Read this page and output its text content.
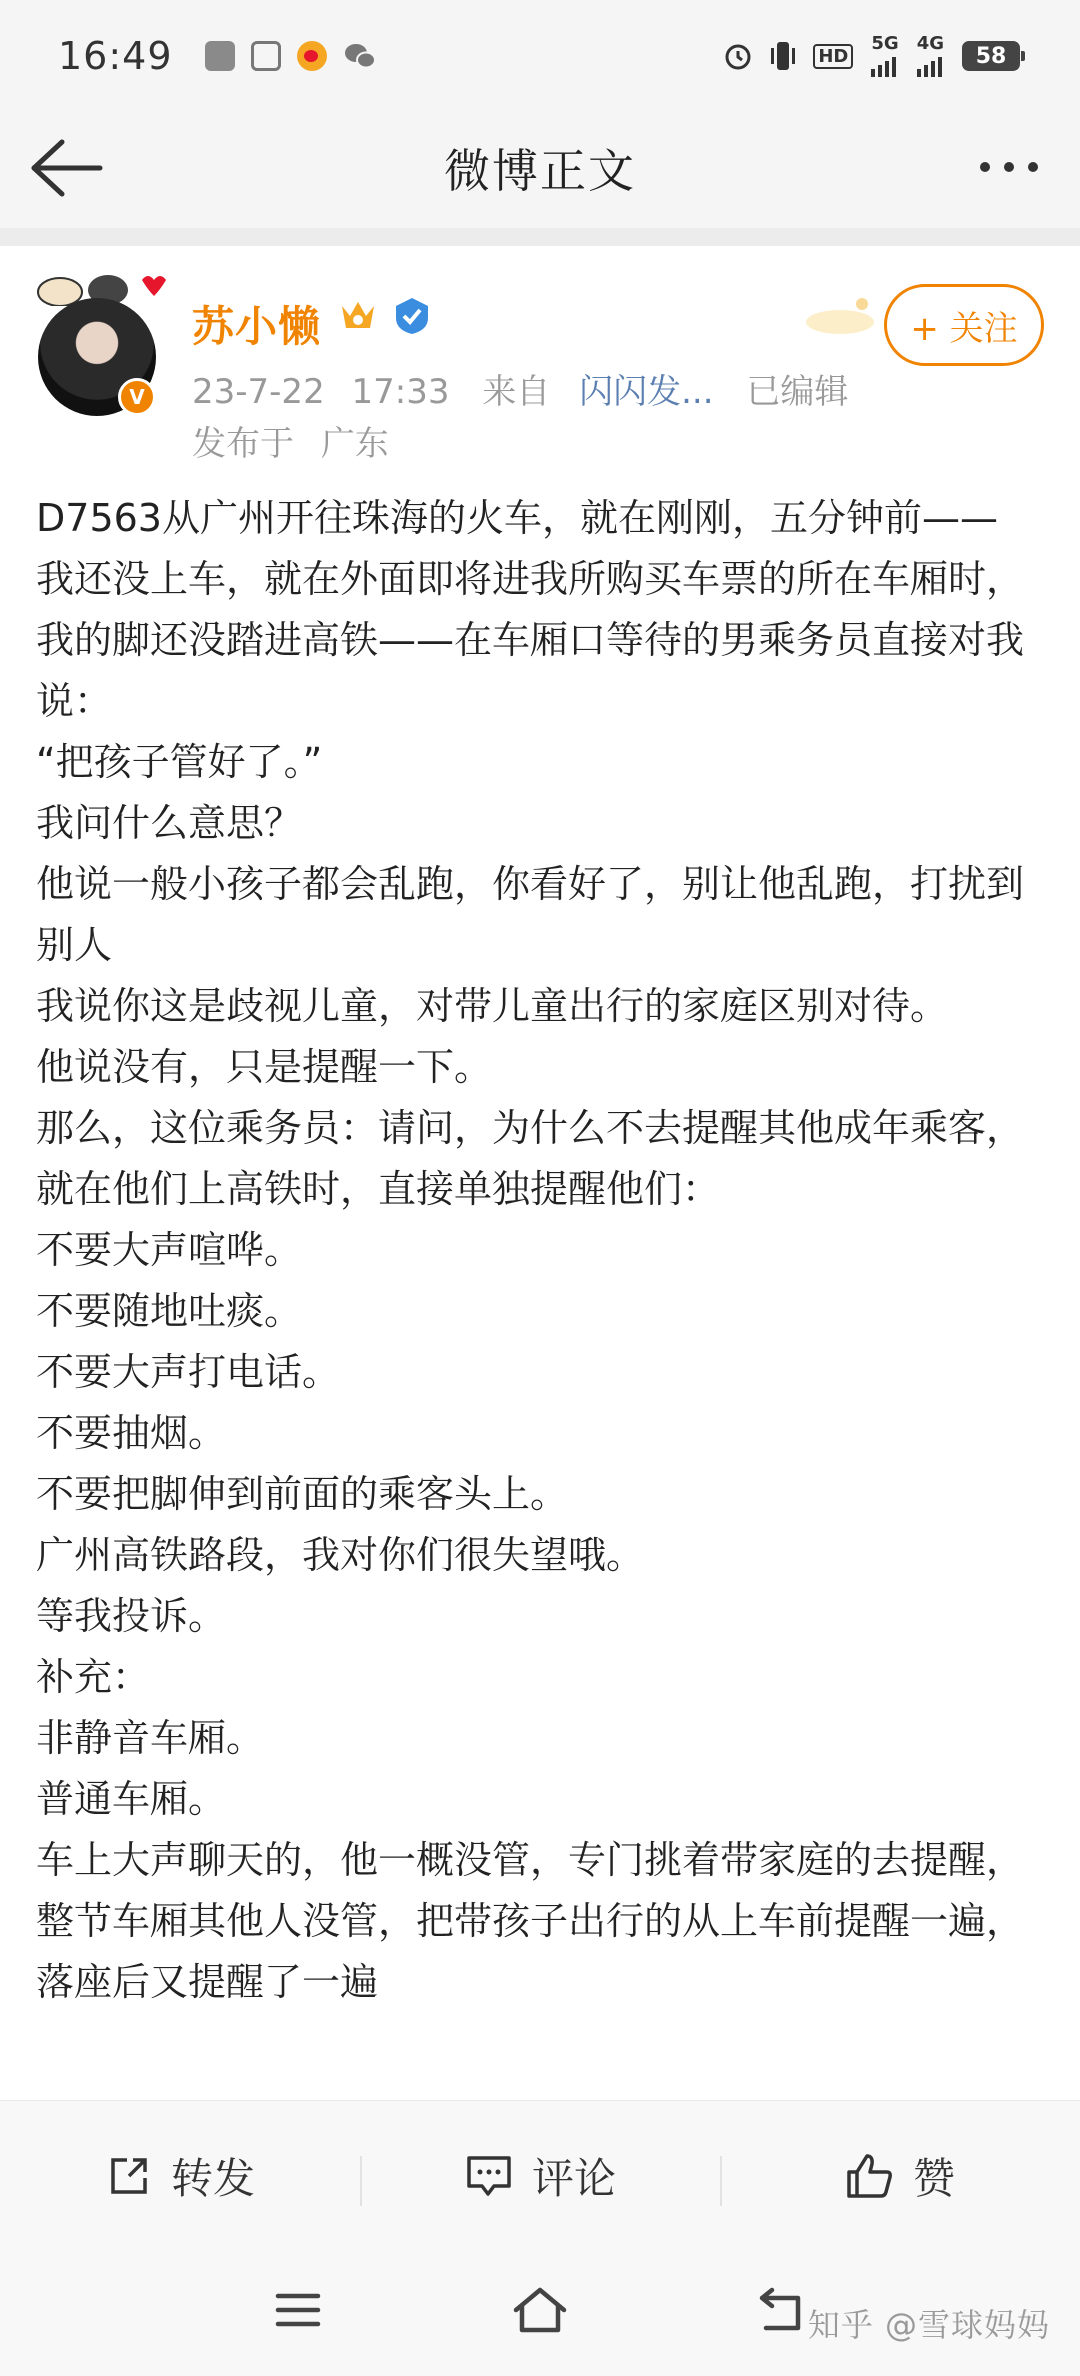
16:49	HD
5G 4G	58
微博正文
V
苏小懒
23-7-22 17:33 来自 闪闪发... 已编辑
发布于 广东
+ 关注

D7563从广州开往珠海的火车，就在刚刚，五分钟前——

我还没上车，就在外面即将进我所购买车票的所在车厢时，我的脚还没踏进高铁——在车厢口等待的男乘务员直接对我说：

“把孩子管好了。”

我问什么意思？

他说一般小孩子都会乱跑，你看好了，别让他乱跑，打扰到别人

我说你这是歧视儿童，对带儿童出行的家庭区别对待。

他说没有，只是提醒一下。

那么，这位乘务员：请问，为什么不去提醒其他成年乘客，就在他们上高铁时，直接单独提醒他们：

不要大声喧哗。

不要随地吐痰。

不要大声打电话。

不要抽烟。

不要把脚伸到前面的乘客头上。

广州高铁路段，我对你们很失望哦。

等我投诉。

补充：

非静音车厢。

普通车厢。

车上大声聊天的，他一概没管，专门挑着带家庭的去提醒，整节车厢其他人没管，把带孩子出行的从上车前提醒一遍，落座后又提醒了一遍

转发	评论	赞
知乎 @雪球妈妈
